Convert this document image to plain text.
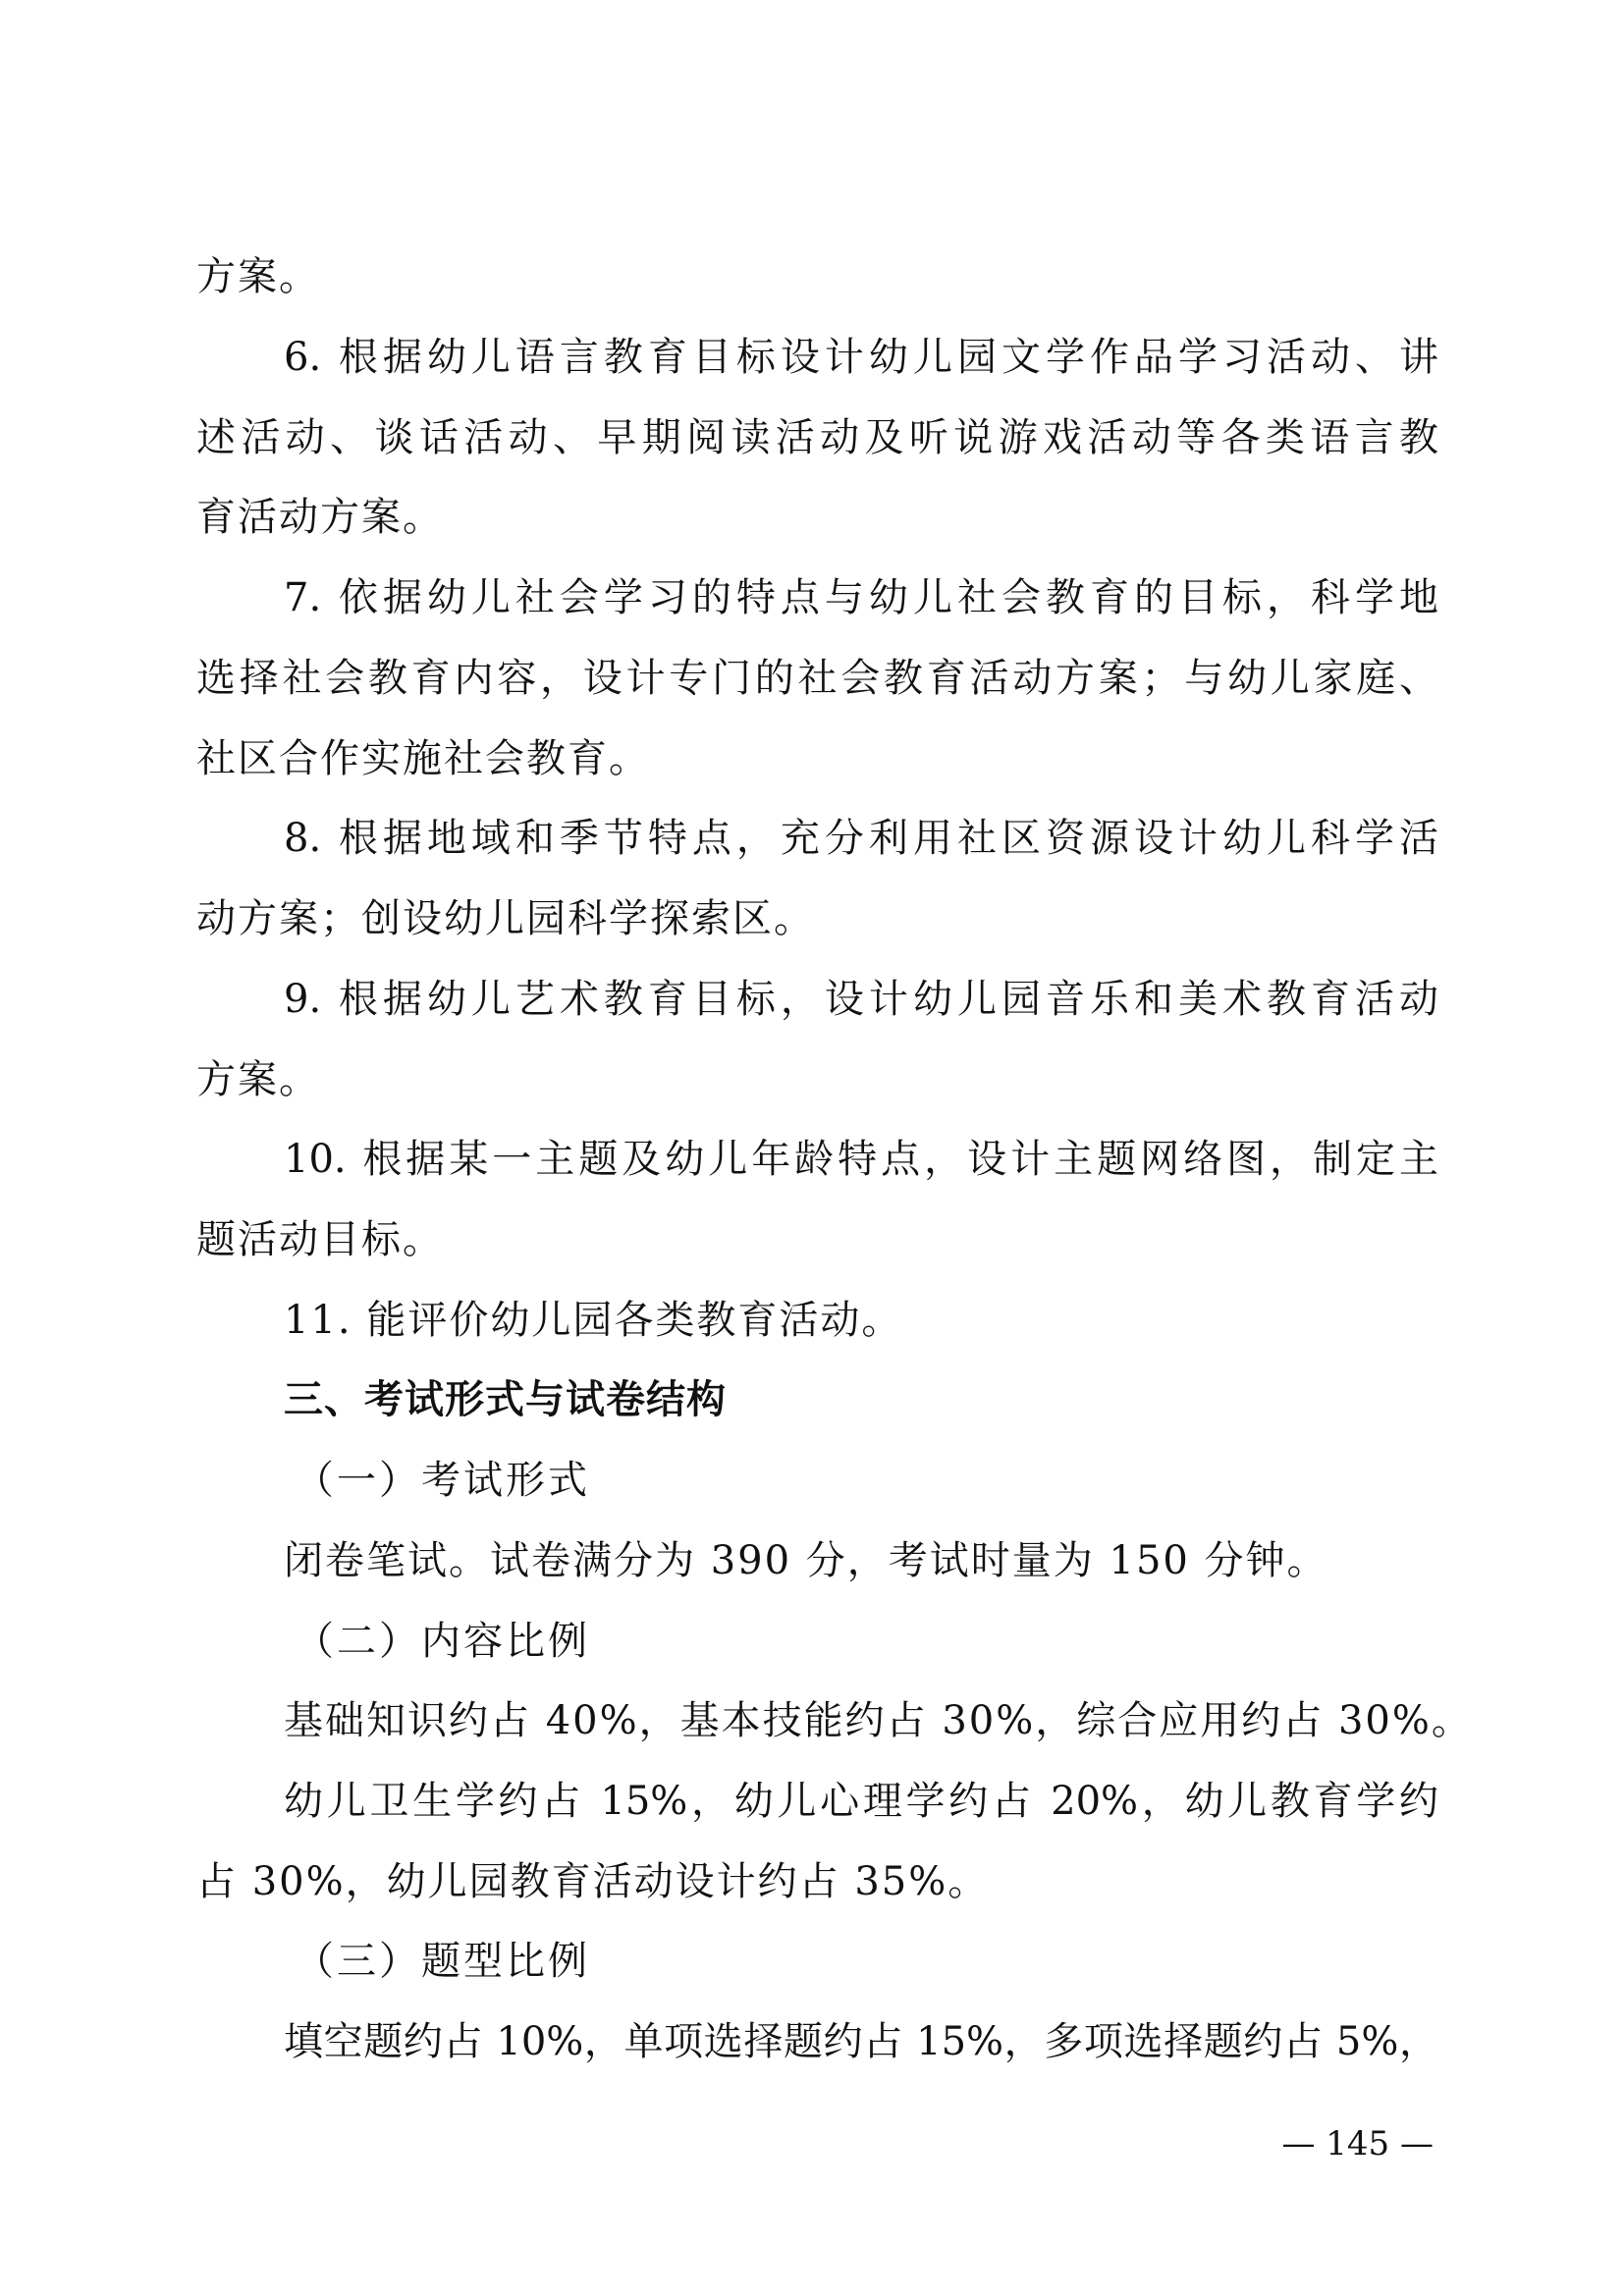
方案。
6. 根据幼儿语言教育目标设计幼儿园文学作品学习活动、讲
述活动、谈话活动、早期阅读活动及听说游戏活动等各类语言教
育活动方案。
7. 依据幼儿社会学习的特点与幼儿社会教育的目标，科学地
选择社会教育内容，设计专门的社会教育活动方案；与幼儿家庭、
社区合作实施社会教育。
8. 根据地域和季节特点，充分利用社区资源设计幼儿科学活
动方案；创设幼儿园科学探索区。
9. 根据幼儿艺术教育目标，设计幼儿园音乐和美术教育活动
方案。
10. 根据某一主题及幼儿年龄特点，设计主题网络图，制定主
题活动目标。
11. 能评价幼儿园各类教育活动。
三、考试形式与试卷结构
（一）考试形式
闭卷笔试。试卷满分为 390 分，考试时量为 150 分钟。
（二）内容比例
基础知识约占 40%，基本技能约占 30%，综合应用约占 30%。
幼儿卫生学约占 15%，幼儿心理学约占 20%，幼儿教育学约
占 30%，幼儿园教育活动设计约占 35%。
（三）题型比例
填空题约占 10%，单项选择题约占 15%，多项选择题约占 5%，
— 145 —
